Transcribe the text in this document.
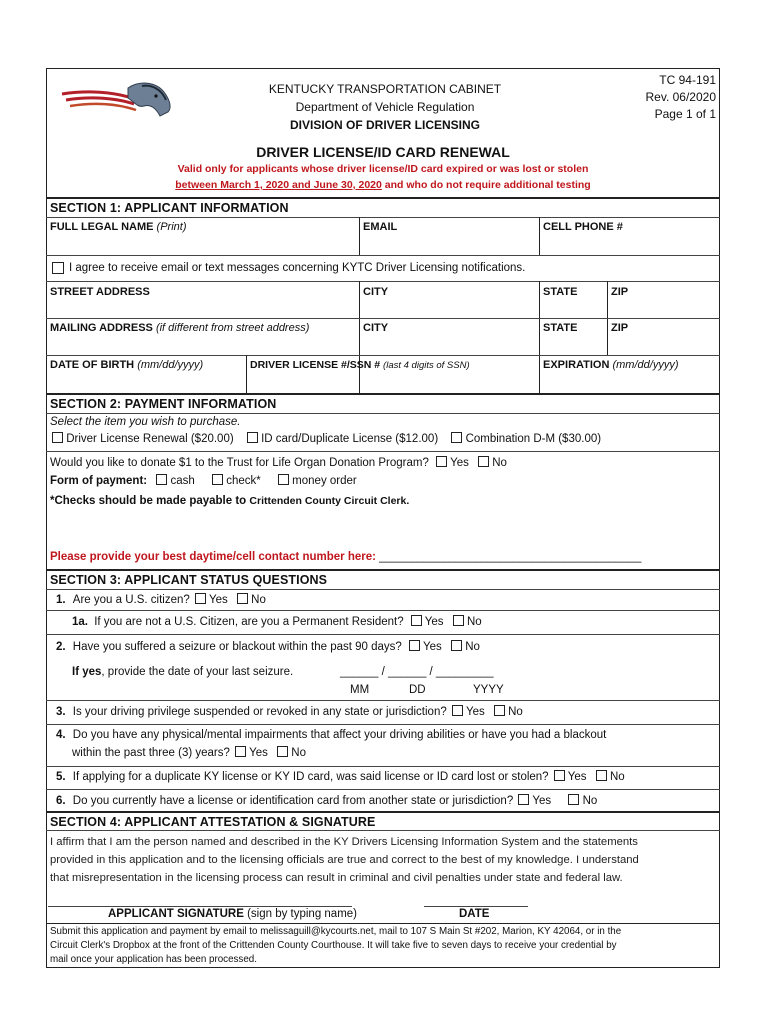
KENTUCKY TRANSPORTATION CABINET
Department of Vehicle Regulation
DIVISION OF DRIVER LICENSING
TC 94-191
Rev. 06/2020
Page 1 of 1
DRIVER LICENSE/ID CARD RENEWAL
Valid only for applicants whose driver license/ID card expired or was lost or stolen
between March 1, 2020 and June 30, 2020 and who do not require additional testing
SECTION 1: APPLICANT INFORMATION
FULL LEGAL NAME (Print)	EMAIL	CELL PHONE #
I agree to receive email or text messages concerning KYTC Driver Licensing notifications.
STREET ADDRESS	CITY	STATE	ZIP
MAILING ADDRESS (if different from street address)	CITY	STATE	ZIP
DATE OF BIRTH (mm/dd/yyyy)	DRIVER LICENSE #/SSN # (last 4 digits of SSN)	EXPIRATION (mm/dd/yyyy)
SECTION 2: PAYMENT INFORMATION
Select the item you wish to purchase.
Driver License Renewal ($20.00) ID card/Duplicate License ($12.00) Combination D-M ($30.00)
Would you like to donate $1 to the Trust for Life Organ Donation Program? Yes No
Form of payment: cash	check*	money order
*Checks should be made payable to Crittenden County Circuit Clerk.
Please provide your best daytime/cell contact number here: _________________________________________
SECTION 3: APPLICANT STATUS QUESTIONS
1. Are you a U.S. citizen? Yes No
1a. If you are not a U.S. Citizen, are you a Permanent Resident? Yes No
2. Have you suffered a seizure or blackout within the past 90 days? Yes No
If yes, provide the date of your last seizure.	______ / ______ / _________
MM	DD	YYYY
3. Is your driving privilege suspended or revoked in any state or jurisdiction? Yes No
4. Do you have any physical/mental impairments that affect your driving abilities or have you had a blackout
within the past three (3) years? Yes No
5. If applying for a duplicate KY license or KY ID card, was said license or ID card lost or stolen? Yes No
6. Do you currently have a license or identification card from another state or jurisdiction? Yes	No
SECTION 4: APPLICANT ATTESTATION & SIGNATURE
I affirm that I am the person named and described in the KY Drivers Licensing Information System and the statements
provided in this application and to the licensing officials are true and correct to the best of my knowledge. I understand
that misrepresentation in the licensing process can result in criminal and civil penalties under state and federal law.
APPLICANT SIGNATURE (sign by typing name)	DATE
Submit this application and payment by email to melissaguill@kycourts.net, mail to 107 S Main St #202, Marion, KY 42064, or in the
Circuit Clerk's Dropbox at the front of the Crittenden County Courthouse. It will take five to seven days to receive your credential by
mail once your application has been processed.
